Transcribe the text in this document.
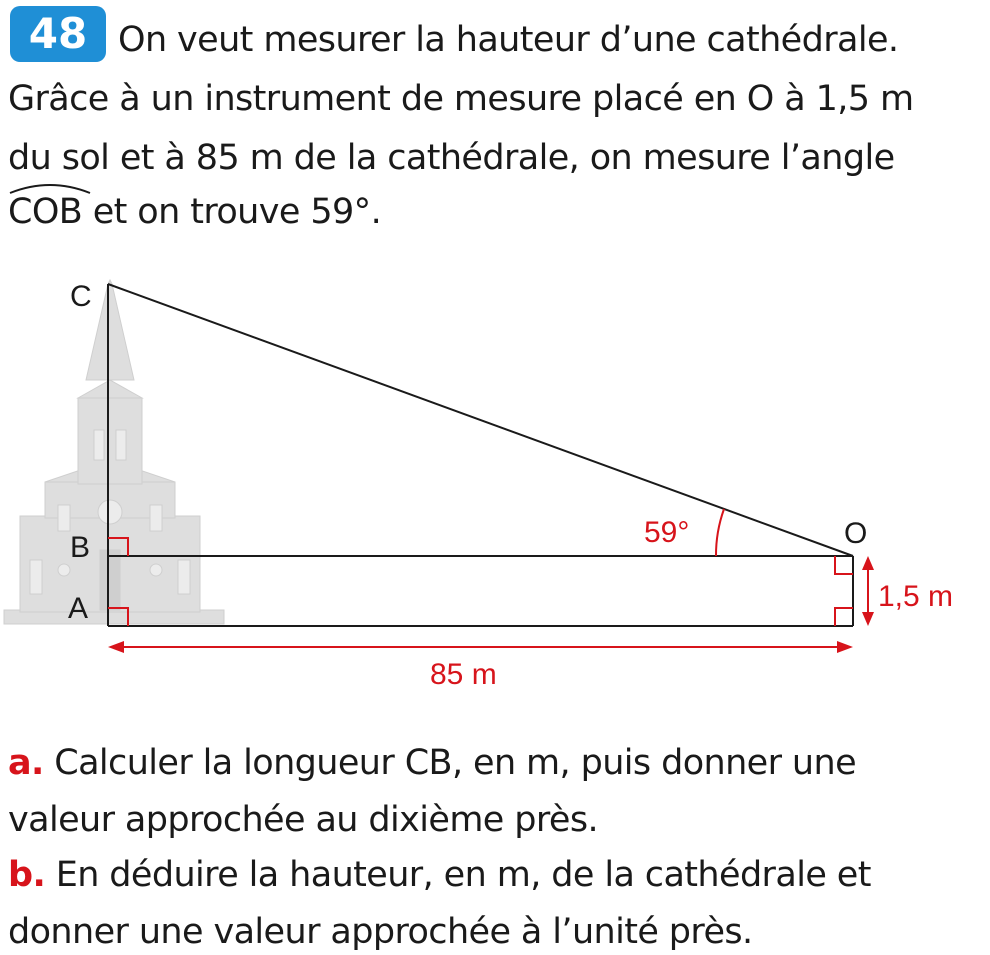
48 On veut mesurer la hauteur d’une cathédrale.
Grâce à un instrument de mesure placé en O à 1,5 m
du sol et à 85 m de la cathédrale, on mesure l’angle
COB et on trouve 59°.
C
B
A
O
59°
1,5 m
85 m
a. Calculer la longueur CB, en m, puis donner une
valeur approchée au dixième près.
b. En déduire la hauteur, en m, de la cathédrale et
donner une valeur approchée à l’unité près.
